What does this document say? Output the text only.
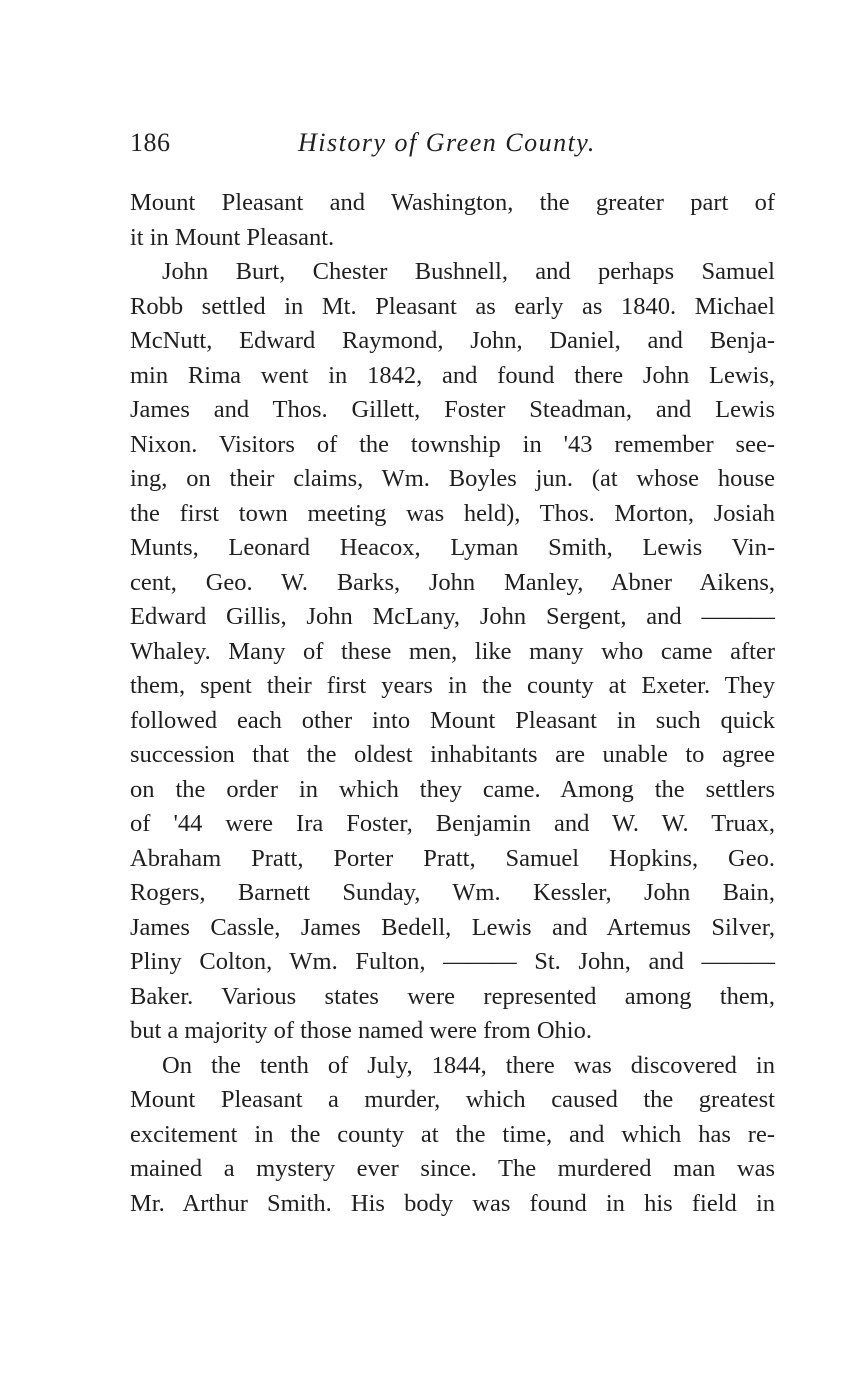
186	History of Green County.
Mount Pleasant and Washington, the greater part of
it in Mount Pleasant.
John Burt, Chester Bushnell, and perhaps Samuel
Robb settled in Mt. Pleasant as early as 1840. Michael
McNutt, Edward Raymond, John, Daniel, and Benja-
min Rima went in 1842, and found there John Lewis,
James and Thos. Gillett, Foster Steadman, and Lewis
Nixon. Visitors of the township in '43 remember see-
ing, on their claims, Wm. Boyles jun. (at whose house
the first town meeting was held), Thos. Morton, Josiah
Munts, Leonard Heacox, Lyman Smith, Lewis Vin-
cent, Geo. W. Barks, John Manley, Abner Aikens,
Edward Gillis, John McLany, John Sergent, and ———
Whaley. Many of these men, like many who came after
them, spent their first years in the county at Exeter. They
followed each other into Mount Pleasant in such quick
succession that the oldest inhabitants are unable to agree
on the order in which they came. Among the settlers
of '44 were Ira Foster, Benjamin and W. W. Truax,
Abraham Pratt, Porter Pratt, Samuel Hopkins, Geo.
Rogers, Barnett Sunday, Wm. Kessler, John Bain,
James Cassle, James Bedell, Lewis and Artemus Silver,
Pliny Colton, Wm. Fulton, ——— St. John, and ———
Baker. Various states were represented among them,
but a majority of those named were from Ohio.
On the tenth of July, 1844, there was discovered in
Mount Pleasant a murder, which caused the greatest
excitement in the county at the time, and which has re-
mained a mystery ever since. The murdered man was
Mr. Arthur Smith. His body was found in his field in
